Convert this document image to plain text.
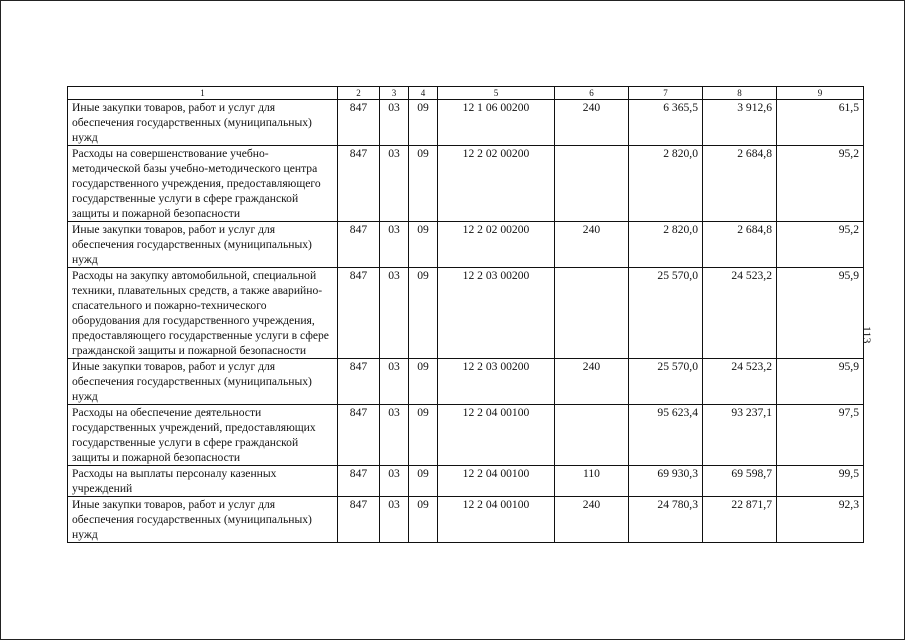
1	2	3	4	5	6	7	8	9
Иные закупки товаров, работ и услуг для обеспечения государственных (муниципальных) нужд	847	03	09	12 1 06 00200	240	6 365,5	3 912,6	61,5
Расходы на совершенствование учебно-методической базы учебно-методического центра государственного учреждения, предоставляющего государственные услуги в сфере гражданской защиты и пожарной безопасности	847	03	09	12 2 02 00200		2 820,0	2 684,8	95,2
Иные закупки товаров, работ и услуг для обеспечения государственных (муниципальных) нужд	847	03	09	12 2 02 00200	240	2 820,0	2 684,8	95,2
Расходы на закупку автомобильной, специальной техники, плавательных средств, а также аварийно-спасательного и пожарно-технического оборудования для государственного учреждения, предоставляющего государственные услуги в сфере гражданской защиты и пожарной безопасности	847	03	09	12 2 03 00200		25 570,0	24 523,2	95,9
Иные закупки товаров, работ и услуг для обеспечения государственных (муниципальных) нужд	847	03	09	12 2 03 00200	240	25 570,0	24 523,2	95,9
Расходы на обеспечение деятельности государственных учреждений, предоставляющих государственные услуги в сфере гражданской защиты и пожарной безопасности	847	03	09	12 2 04 00100		95 623,4	93 237,1	97,5
Расходы на выплаты персоналу казенных учреждений	847	03	09	12 2 04 00100	110	69 930,3	69 598,7	99,5
Иные закупки товаров, работ и услуг для обеспечения государственных (муниципальных) нужд	847	03	09	12 2 04 00100	240	24 780,3	22 871,7	92,3
113
